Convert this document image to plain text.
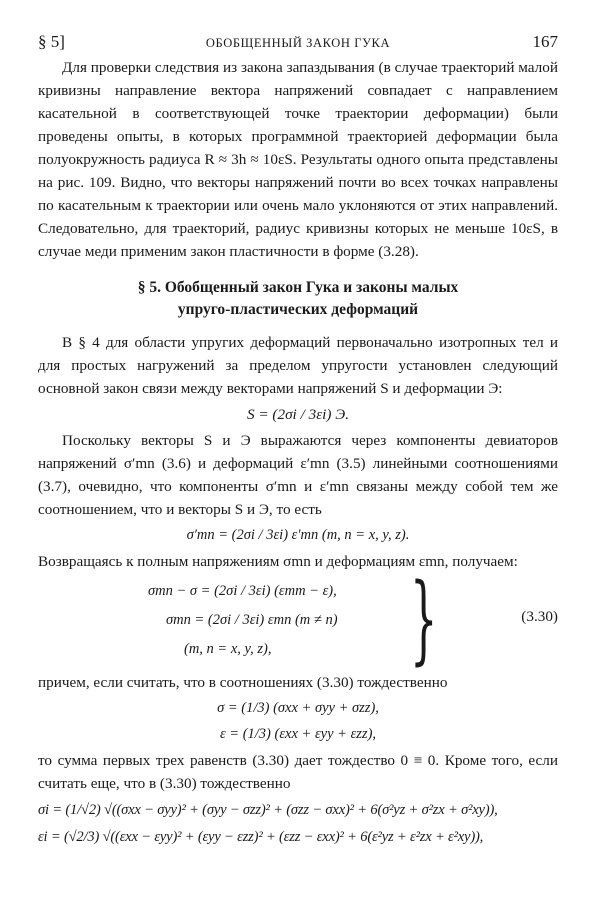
§ 5]	ОБОБЩЕННЫЙ ЗАКОН ГУКА	167

Для проверки следствия из закона запаздывания (в случае траекторий малой кривизны направление вектора напряжений совпадает с направлением касательной в соответствующей точке траектории деформации) были проведены опыты, в которых программной траекторией деформации была полуокружность радиуса R ≈ 3h ≈ 10εS. Результаты одного опыта представлены на рис. 109. Видно, что векторы напряжений почти во всех точках направлены по касательным к траектории или очень мало уклоняются от этих направлений. Следовательно, для траекторий, радиус кривизны которых не меньше 10εS, в случае меди применим закон пластичности в форме (3.28).

§ 5. Обобщенный закон Гука и законы малых
упруго-пластических деформаций

В § 4 для области упругих деформаций первоначально изотропных тел и для простых нагружений за пределом упругости установлен следующий основной закон связи между векторами напряжений S и деформации Э:

S = (2σi / 3εi) Э.

Поскольку векторы S и Э выражаются через компоненты девиаторов напряжений σ′mn (3.6) и деформаций ε′mn (3.5) линейными соотношениями (3.7), очевидно, что компоненты σ′mn и ε′mn связаны между собой тем же соотношением, что и векторы S и Э, то есть

σ′mn = (2σi / 3εi) ε′mn (m, n = x, y, z).

Возвращаясь к полным напряжениям σmn и деформациям εmn, получаем:

σmn − σ = (2σi / 3εi) (εmm − ε),
σmn = (2σi / 3εi) εmn (m ≠ n)
(m, n = x, y, z),	}	(3.30)

причем, если считать, что в соотношениях (3.30) тождественно

σ = (1/3) (σxx + σyy + σzz),
ε = (1/3) (εxx + εyy + εzz),

то сумма первых трех равенств (3.30) дает тождество 0 ≡ 0. Кроме того, если считать еще, что в (3.30) тождественно

σi = (1/√2) √((σxx − σyy)² + (σyy − σzz)² + (σzz − σxx)² + 6(σ²yz + σ²zx + σ²xy)),
εi = (√2/3) √((εxx − εyy)² + (εyy − εzz)² + (εzz − εxx)² + 6(ε²yz + ε²zx + ε²xy)),
